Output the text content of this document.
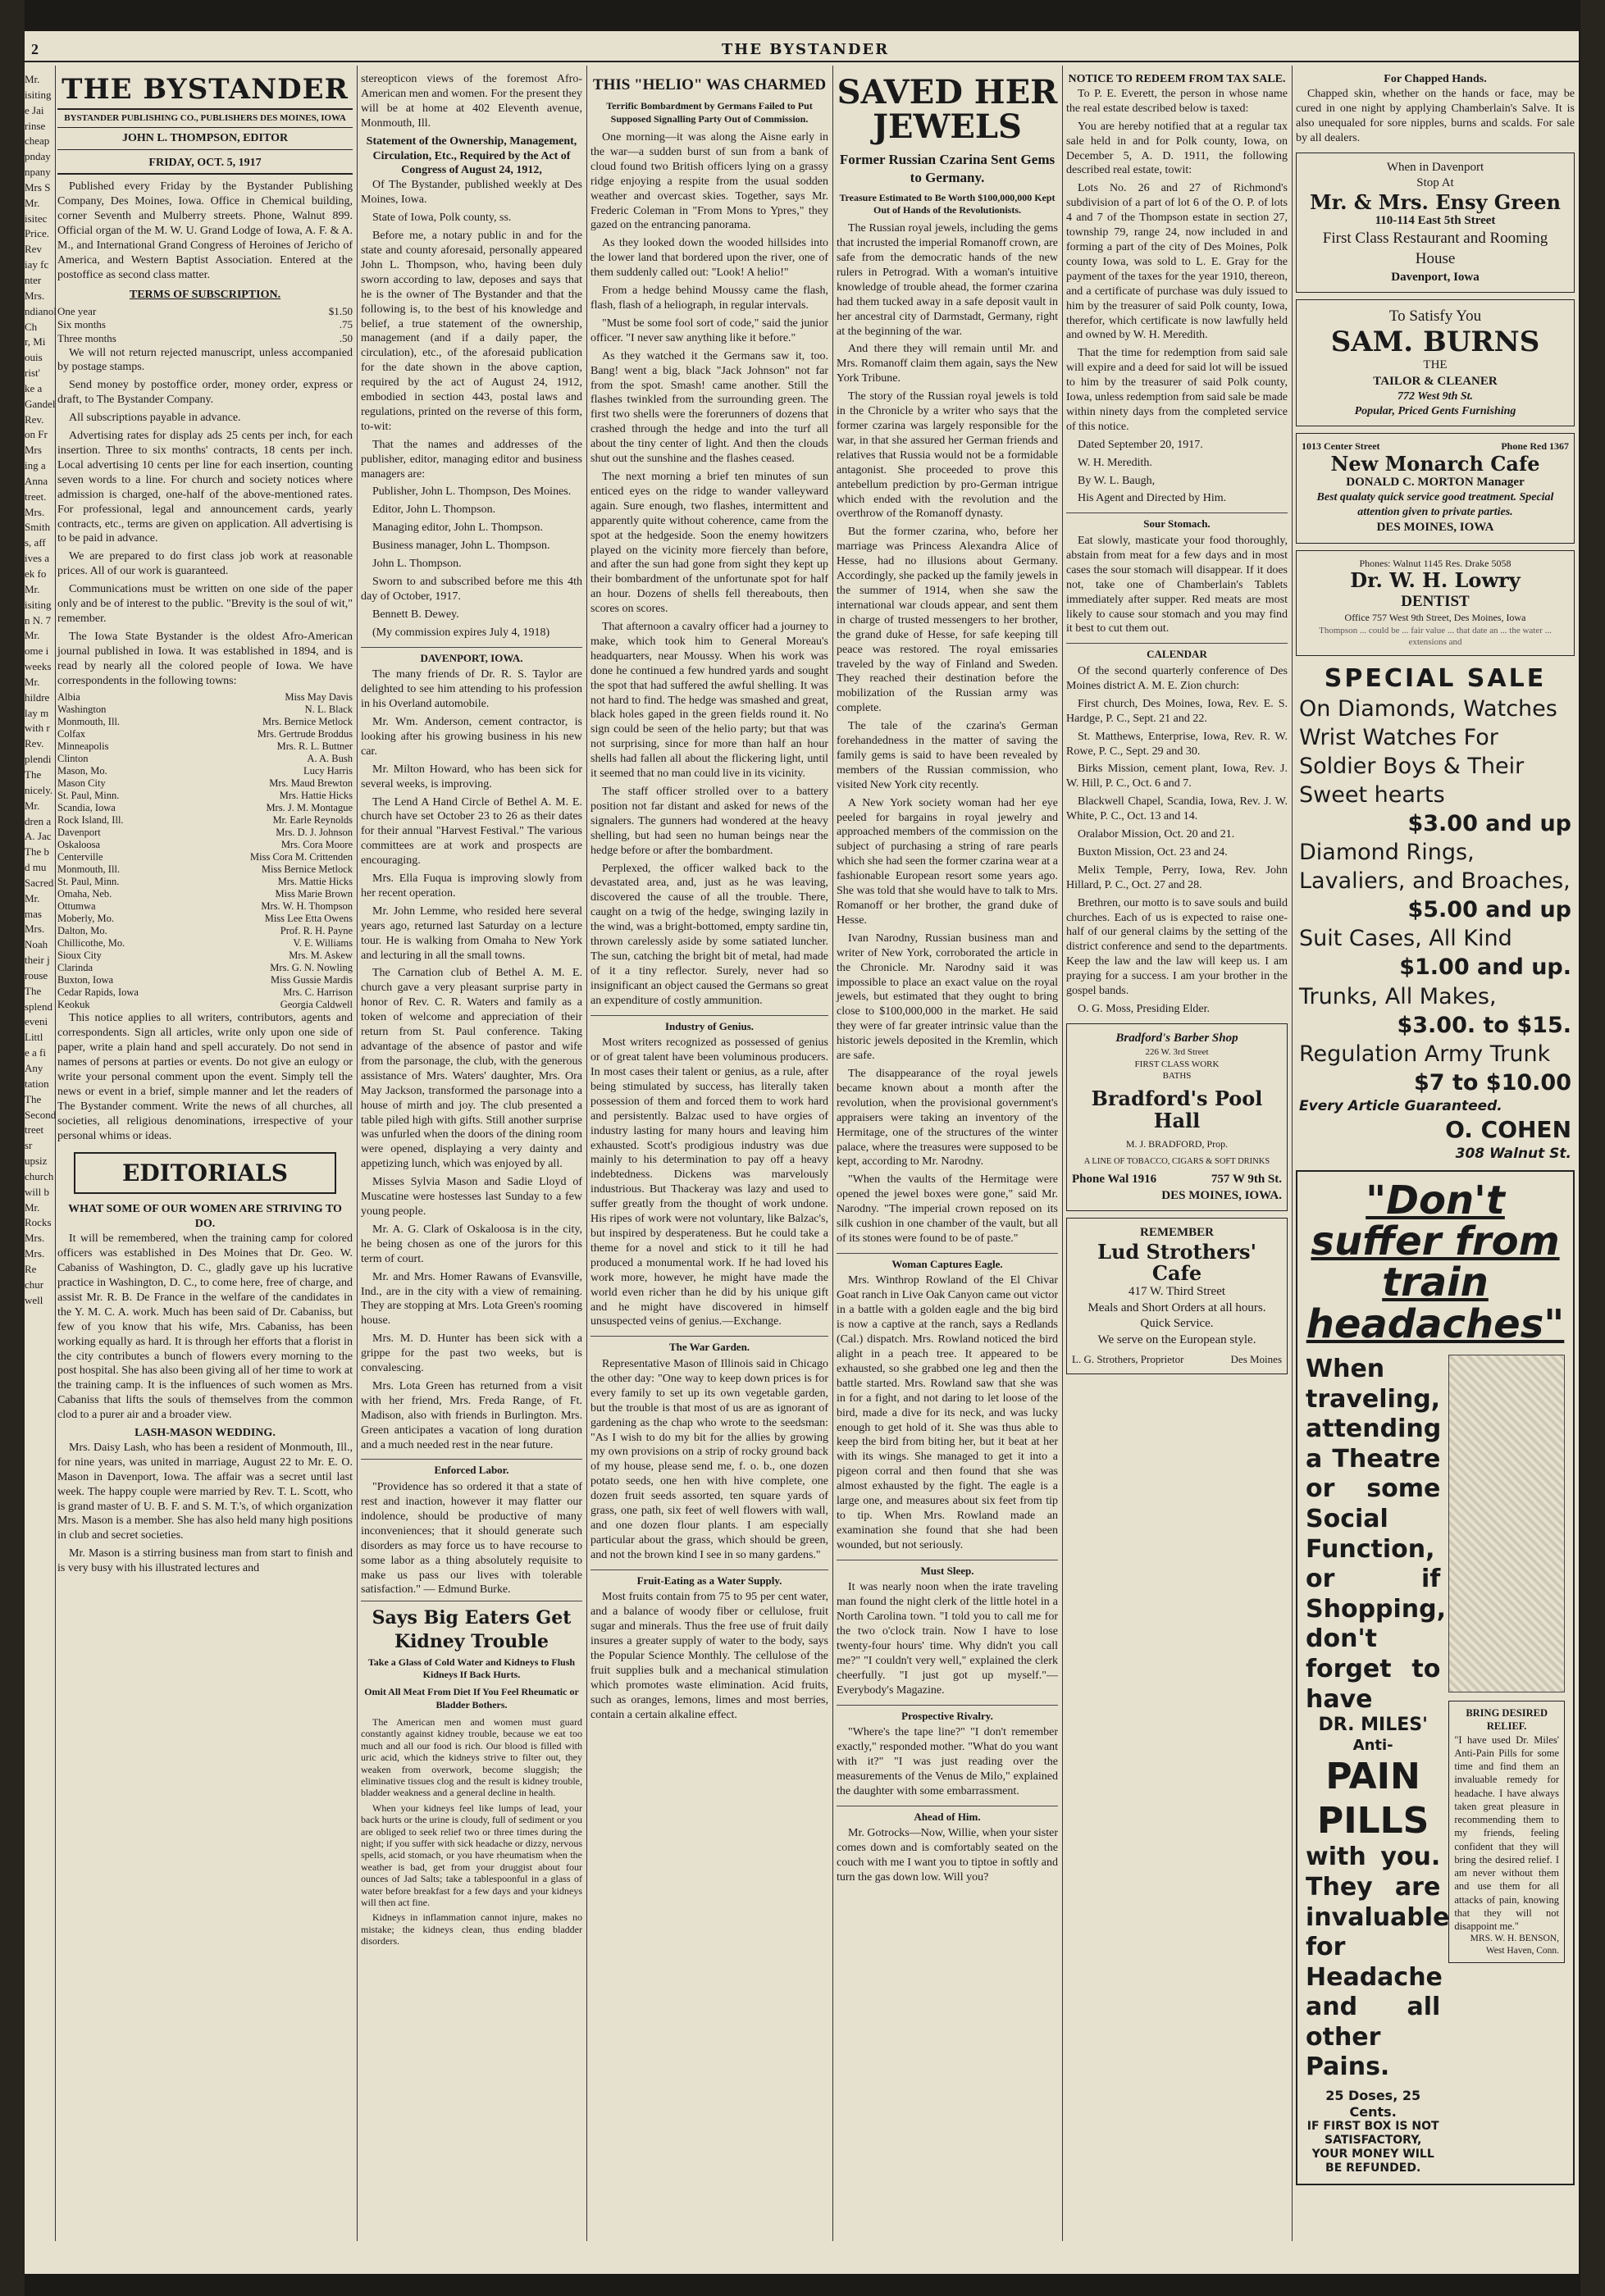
2	THE BYSTANDER
Mr.
isiting
e Jai
rinse
cheap
pnday
npany
Mrs S
Mr.
isitec
Price.
Rev
iay fc
nter
Mrs.
ndianol
Ch
r, Mi
ouis
rist'
ke a
Gandel
Rev.
on Fr
Mrs
ing a
Anna
treet.
Mrs.
Smith
s, aff
ives a
ek fo
Mr.
isiting
n N. 7
Mr.
ome i
weeks
Mr.
hildre
lay m
with r
Rev.
plendi
The
nicely.
Mr.
dren a
A. Jac
The b
d mu
Sacred
Mr.
mas
Mrs.
Noah
their j
rouse
The
splend
eveni
Littl
e a fi
Any
tation
The
Second
treet
sr
upsiz
church
will b
Mr.
Rocks
Mrs.
Mrs.
Re
chur
well
THE BYSTANDER
BYSTANDER PUBLISHING CO., PUBLISHERS DES MOINES, IOWA
JOHN L. THOMPSON, EDITOR
FRIDAY, OCT. 5, 1917

Published every Friday by the Bystander Publishing Company, Des Moines, Iowa. Office in Chemical building, corner Seventh and Mulberry streets. Phone, Walnut 899. Official organ of the M. W. U. Grand Lodge of Iowa, A. F. & A. M., and International Grand Congress of Heroines of Jericho of America, and Western Baptist Association. Entered at the postoffice as second class matter.

TERMS OF SUBSCRIPTION.
One year	$1.50
Six months	.75
Three months	.50

We will not return rejected manuscript, unless accompanied by postage stamps.

Send money by postoffice order, money order, express or draft, to The Bystander Company.

All subscriptions payable in advance.

Advertising rates for display ads 25 cents per inch, for each insertion. Three to six months' contracts, 18 cents per inch. Local advertising 10 cents per line for each insertion, counting seven words to a line. For church and society notices where admission is charged, one-half of the above-mentioned rates. For professional, legal and announcement cards, yearly contracts, etc., terms are given on application. All advertising is to be paid in advance.

We are prepared to do first class job work at reasonable prices. All of our work is guaranteed.

Communications must be written on one side of the paper only and be of interest to the public. "Brevity is the soul of wit," remember.

The Iowa State Bystander is the oldest Afro-American journal published in Iowa. It was established in 1894, and is read by nearly all the colored people of Iowa. We have correspondents in the following towns:

Albia	Miss May Davis
Washington	N. L. Black
Monmouth, Ill.	Mrs. Bernice Metlock
Colfax	Mrs. Gertrude Broddus
Minneapolis	Mrs. R. L. Buttner
Clinton	A. A. Bush
Mason, Mo.	Lucy Harris
Mason City	Mrs. Maud Brewton
St. Paul, Minn.	Mrs. Hattie Hicks
Scandia, Iowa	Mrs. J. M. Montague
Rock Island, Ill.	Mr. Earle Reynolds
Davenport	Mrs. D. J. Johnson
Oskaloosa	Mrs. Cora Moore
Centerville	Miss Cora M. Crittenden
Monmouth, Ill.	Miss Bernice Metlock
St. Paul, Minn.	Mrs. Mattie Hicks
Omaha, Neb.	Miss Marie Brown
Ottumwa	Mrs. W. H. Thompson
Moberly, Mo.	Miss Lee Etta Owens
Dalton, Mo.	Prof. R. H. Payne
Chillicothe, Mo.	V. E. Williams
Sioux City	Mrs. M. Askew
Clarinda	Mrs. G. N. Nowling
Buxton, Iowa	Miss Gussie Mardis
Cedar Rapids, Iowa	Mrs. C. Harrison
Keokuk	Georgia Caldwell

This notice applies to all writers, contributors, agents and correspondents. Sign all articles, write only upon one side of paper, write a plain hand and spell accurately. Do not send in names of persons at parties or events. Do not give an eulogy or write your personal comment upon the event. Simply tell the news or event in a brief, simple manner and let the readers of The Bystander comment. Write the news of all churches, all societies, all religious denominations, irrespective of your personal whims or ideas.

EDITORIALS
WHAT SOME OF OUR WOMEN ARE STRIVING TO DO.

It will be remembered, when the training camp for colored officers was established in Des Moines that Dr. Geo. W. Cabaniss of Washington, D. C., gladly gave up his lucrative practice in Washington, D. C., to come here, free of charge, and assist Mr. R. B. De France in the welfare of the candidates in the Y. M. C. A. work. Much has been said of Dr. Cabaniss, but few of you know that his wife, Mrs. Cabaniss, has been working equally as hard. It is through her efforts that a florist in the city contributes a bunch of flowers every morning to the post hospital. She has also been giving all of her time to work at the training camp. It is the influences of such women as Mrs. Cabaniss that lifts the souls of themselves from the common clod to a purer air and a broader view.

LASH-MASON WEDDING.

Mrs. Daisy Lash, who has been a resident of Monmouth, Ill., for nine years, was united in marriage, August 22 to Mr. E. O. Mason in Davenport, Iowa. The affair was a secret until last week. The happy couple were married by Rev. T. L. Scott, who is grand master of U. B. F. and S. M. T.'s, of which organization Mrs. Mason is a member. She has also held many high positions in club and secret societies.

Mr. Mason is a stirring business man from start to finish and is very busy with his illustrated lectures and

stereopticon views of the foremost Afro-American men and women. For the present they will be at home at 402 Eleventh avenue, Monmouth, Ill.

Statement of the Ownership, Management, Circulation, Etc., Required by the Act of Congress of August 24, 1912,

Of The Bystander, published weekly at Des Moines, Iowa.

State of Iowa, Polk county, ss.

Before me, a notary public in and for the state and county aforesaid, personally appeared John L. Thompson, who, having been duly sworn according to law, deposes and says that he is the owner of The Bystander and that the following is, to the best of his knowledge and belief, a true statement of the ownership, management (and if a daily paper, the circulation), etc., of the aforesaid publication for the date shown in the above caption, required by the act of August 24, 1912, embodied in section 443, postal laws and regulations, printed on the reverse of this form, to-wit:

That the names and addresses of the publisher, editor, managing editor and business managers are:

Publisher, John L. Thompson, Des Moines.

Editor, John L. Thompson.

Managing editor, John L. Thompson.

Business manager, John L. Thompson.

John L. Thompson.

Sworn to and subscribed before me this 4th day of October, 1917.

Bennett B. Dewey.

(My commission expires July 4, 1918)

DAVENPORT, IOWA.

The many friends of Dr. R. S. Taylor are delighted to see him attending to his profession in his Overland automobile.

Mr. Wm. Anderson, cement contractor, is looking after his growing business in his new car.

Mr. Milton Howard, who has been sick for several weeks, is improving.

The Lend A Hand Circle of Bethel A. M. E. church have set October 23 to 26 as their dates for their annual "Harvest Festival." The various committees are at work and prospects are encouraging.

Mrs. Ella Fuqua is improving slowly from her recent operation.

Mr. John Lemme, who resided here several years ago, returned last Saturday on a lecture tour. He is walking from Omaha to New York and lecturing in all the small towns.

The Carnation club of Bethel A. M. E. church gave a very pleasant surprise party in honor of Rev. C. R. Waters and family as a token of welcome and appreciation of their return from St. Paul conference. Taking advantage of the absence of pastor and wife from the parsonage, the club, with the generous assistance of Mrs. Waters' daughter, Mrs. Ora May Jackson, transformed the parsonage into a house of mirth and joy. The club presented a table piled high with gifts. Still another surprise was unfurled when the doors of the dining room were opened, displaying a very dainty and appetizing lunch, which was enjoyed by all.

Misses Sylvia Mason and Sadie Lloyd of Muscatine were hostesses last Sunday to a few young people.

Mr. A. G. Clark of Oskaloosa is in the city, he being chosen as one of the jurors for this term of court.

Mr. and Mrs. Homer Rawans of Evansville, Ind., are in the city with a view of remaining. They are stopping at Mrs. Lota Green's rooming house.

Mrs. M. D. Hunter has been sick with a grippe for the past two weeks, but is convalescing.

Mrs. Lota Green has returned from a visit with her friend, Mrs. Freda Range, of Ft. Madison, also with friends in Burlington. Mrs. Green anticipates a vacation of long duration and a much needed rest in the near future.

Enforced Labor.

"Providence has so ordered it that a state of rest and inaction, however it may flatter our indolence, should be productive of many inconveniences; that it should generate such disorders as may force us to have recourse to some labor as a thing absolutely requisite to make us pass our lives with tolerable satisfaction." — Edmund Burke.

Says Big Eaters Get Kidney Trouble
Take a Glass of Cold Water and Kidneys to Flush Kidneys If Back Hurts.
Omit All Meat From Diet If You Feel Rheumatic or Bladder Bothers.

The American men and women must guard constantly against kidney trouble, because we eat too much and all our food is rich. Our blood is filled with uric acid, which the kidneys strive to filter out, they weaken from overwork, become sluggish; the eliminative tissues clog and the result is kidney trouble, bladder weakness and a general decline in health.

When your kidneys feel like lumps of lead, your back hurts or the urine is cloudy, full of sediment or you are obliged to seek relief two or three times during the night; if you suffer with sick headache or dizzy, nervous spells, acid stomach, or you have rheumatism when the weather is bad, get from your druggist about four ounces of Jad Salts; take a tablespoonful in a glass of water before breakfast for a few days and your kidneys will then act fine.

Kidneys in inflammation cannot injure, makes no mistake; the kidneys clean, thus ending bladder disorders.

THIS "HELIO" WAS CHARMED
Terrific Bombardment by Germans Failed to Put Supposed Signalling Party Out of Commission.

One morning—it was along the Aisne early in the war—a sudden burst of sun from a bank of cloud found two British officers lying on a grassy ridge enjoying a respite from the usual sodden weather and overcast skies. Together, says Mr. Frederic Coleman in "From Mons to Ypres," they gazed on the entrancing panorama.

As they looked down the wooded hillsides into the lower land that bordered upon the river, one of them suddenly called out: "Look! A helio!"

From a hedge behind Moussy came the flash, flash, flash of a heliograph, in regular intervals.

"Must be some fool sort of code," said the junior officer. "I never saw anything like it before."

As they watched it the Germans saw it, too. Bang! went a big, black "Jack Johnson" not far from the spot. Smash! came another. Still the flashes twinkled from the surrounding green. The first two shells were the forerunners of dozens that crashed through the hedge and into the turf all about the tiny center of light. And then the clouds shut out the sunshine and the flashes ceased.

The next morning a brief ten minutes of sun enticed eyes on the ridge to wander valleyward again. Sure enough, two flashes, intermittent and apparently quite without coherence, came from the spot at the hedgeside. Soon the enemy howitzers played on the vicinity more fiercely than before, and after the sun had gone from sight they kept up their bombardment of the unfortunate spot for half an hour. Dozens of shells fell thereabouts, then scores on scores.

That afternoon a cavalry officer had a journey to make, which took him to General Moreau's headquarters, near Moussy. When his work was done he continued a few hundred yards and sought the spot that had suffered the awful shelling. It was not hard to find. The hedge was smashed and great, black holes gaped in the green fields round it. No sign could be seen of the helio party; but that was not surprising, since for more than half an hour shells had fallen all about the flickering light, until it seemed that no man could live in its vicinity.

The staff officer strolled over to a battery position not far distant and asked for news of the signalers. The gunners had wondered at the heavy shelling, but had seen no human beings near the hedge before or after the bombardment.

Perplexed, the officer walked back to the devastated area, and, just as he was leaving, discovered the cause of all the trouble. There, caught on a twig of the hedge, swinging lazily in the wind, was a bright-bottomed, empty sardine tin, thrown carelessly aside by some satiated luncher. The sun, catching the bright bit of metal, had made of it a tiny reflector. Surely, never had so insignificant an object caused the Germans so great an expenditure of costly ammunition.

Industry of Genius.

Most writers recognized as possessed of genius or of great talent have been voluminous producers. In most cases their talent or genius, as a rule, after being stimulated by success, has literally taken possession of them and forced them to work hard and persistently. Balzac used to have orgies of industry lasting for many hours and leaving him exhausted. Scott's prodigious industry was due mainly to his determination to pay off a heavy indebtedness. Dickens was marvelously industrious. But Thackeray was lazy and used to suffer greatly from the thought of work undone. His ripes of work were not voluntary, like Balzac's, but inspired by desperateness. But he could take a theme for a novel and stick to it till he had produced a monumental work. If he had loved his work more, however, he might have made the world even richer than he did by his unique gift and he might have discovered in himself unsuspected veins of genius.—Exchange.

The War Garden.

Representative Mason of Illinois said in Chicago the other day: "One way to keep down prices is for every family to set up its own vegetable garden, but the trouble is that most of us are as ignorant of gardening as the chap who wrote to the seedsman: "As I wish to do my bit for the allies by growing my own provisions on a strip of rocky ground back of my house, please send me, f. o. b., one dozen potato seeds, one hen with hive complete, one dozen fruit seeds assorted, ten square yards of grass, one path, six feet of well flowers with wall, and one dozen flour plants. I am especially particular about the grass, which should be green, and not the brown kind I see in so many gardens."

Fruit-Eating as a Water Supply.

Most fruits contain from 75 to 95 per cent water, and a balance of woody fiber or cellulose, fruit sugar and minerals. Thus the free use of fruit daily insures a greater supply of water to the body, says the Popular Science Monthly. The cellulose of the fruit supplies bulk and a mechanical stimulation which promotes waste elimination. Acid fruits, such as oranges, lemons, limes and most berries, contain a certain alkaline effect.

SAVED HER JEWELS
Former Russian Czarina Sent Gems to Germany.
Treasure Estimated to Be Worth $100,000,000 Kept Out of Hands of the Revolutionists.

The Russian royal jewels, including the gems that incrusted the imperial Romanoff crown, are safe from the democratic hands of the new rulers in Petrograd. With a woman's intuitive knowledge of trouble ahead, the former czarina had them tucked away in a safe deposit vault in her ancestral city of Darmstadt, Germany, right at the beginning of the war.

And there they will remain until Mr. and Mrs. Romanoff claim them again, says the New York Tribune.

The story of the Russian royal jewels is told in the Chronicle by a writer who says that the former czarina was largely responsible for the war, in that she assured her German friends and relatives that Russia would not be a formidable antagonist. She proceeded to prove this antebellum prediction by pro-German intrigue which ended with the revolution and the overthrow of the Romanoff dynasty.

But the former czarina, who, before her marriage was Princess Alexandra Alice of Hesse, had no illusions about Germany. Accordingly, she packed up the family jewels in the summer of 1914, when she saw the international war clouds appear, and sent them in charge of trusted messengers to her brother, the grand duke of Hesse, for safe keeping till peace was restored. The royal emissaries traveled by the way of Finland and Sweden. They reached their destination before the mobilization of the Russian army was complete.

The tale of the czarina's German forehandedness in the matter of saving the family gems is said to have been revealed by members of the Russian commission, who visited New York city recently.

A New York society woman had her eye peeled for bargains in royal jewelry and approached members of the commission on the subject of purchasing a string of rare pearls which she had seen the former czarina wear at a fashionable European resort some years ago. She was told that she would have to talk to Mrs. Romanoff or her brother, the grand duke of Hesse.

Ivan Narodny, Russian business man and writer of New York, corroborated the article in the Chronicle. Mr. Narodny said it was impossible to place an exact value on the royal jewels, but estimated that they ought to bring close to $100,000,000 in the market. He said they were of far greater intrinsic value than the historic jewels deposited in the Kremlin, which are safe.

The disappearance of the royal jewels became known about a month after the revolution, when the provisional government's appraisers were taking an inventory of the Hermitage, one of the structures of the winter palace, where the treasures were supposed to be kept, according to Mr. Narodny.

"When the vaults of the Hermitage were opened the jewel boxes were gone," said Mr. Narodny. "The imperial crown reposed on its silk cushion in one chamber of the vault, but all of its stones were found to be of paste."

Woman Captures Eagle.

Mrs. Winthrop Rowland of the El Chivar Goat ranch in Live Oak Canyon came out victor in a battle with a golden eagle and the big bird is now a captive at the ranch, says a Redlands (Cal.) dispatch. Mrs. Rowland noticed the bird alight in a peach tree. It appeared to be exhausted, so she grabbed one leg and then the battle started. Mrs. Rowland saw that she was in for a fight, and not daring to let loose of the bird, made a dive for its neck, and was lucky enough to get hold of it. She was thus able to keep the bird from biting her, but it beat at her with its wings. She managed to get it into a pigeon corral and then found that she was almost exhausted by the fight. The eagle is a large one, and measures about six feet from tip to tip. When Mrs. Rowland made an examination she found that she had been wounded, but not seriously.

Must Sleep.

It was nearly noon when the irate traveling man found the night clerk of the little hotel in a North Carolina town. "I told you to call me for the two o'clock train. Now I have to lose twenty-four hours' time. Why didn't you call me?" "I couldn't very well," explained the clerk cheerfully. "I just got up myself."—Everybody's Magazine.

Prospective Rivalry.

"Where's the tape line?" "I don't remember exactly," responded mother. "What do you want with it?" "I was just reading over the measurements of the Venus de Milo," explained the daughter with some embarrassment.

Ahead of Him.

Mr. Gotrocks—Now, Willie, when your sister comes down and is comfortably seated on the couch with me I want you to tiptoe in softly and turn the gas down low. Will you?

NOTICE TO REDEEM FROM TAX SALE.

To P. E. Everett, the person in whose name the real estate described below is taxed:

You are hereby notified that at a regular tax sale held in and for Polk county, Iowa, on December 5, A. D. 1911, the following described real estate, towit:

Lots No. 26 and 27 of Richmond's subdivision of a part of lot 6 of the O. P. of lots 4 and 7 of the Thompson estate in section 27, township 79, range 24, now included in and forming a part of the city of Des Moines, Polk county Iowa, was sold to L. E. Gray for the payment of the taxes for the year 1910, thereon, and a certificate of purchase was duly issued to him by the treasurer of said Polk county, Iowa, therefor, which certificate is now lawfully held and owned by W. H. Meredith.

That the time for redemption from said sale will expire and a deed for said lot will be issued to him by the treasurer of said Polk county, Iowa, unless redemption from said sale be made within ninety days from the completed service of this notice.

Dated September 20, 1917.

W. H. Meredith.

By W. L. Baugh,

His Agent and Directed by Him.

Sour Stomach.

Eat slowly, masticate your food thoroughly, abstain from meat for a few days and in most cases the sour stomach will disappear. If it does not, take one of Chamberlain's Tablets immediately after supper. Red meats are most likely to cause sour stomach and you may find it best to cut them out.

CALENDAR

Of the second quarterly conference of Des Moines district A. M. E. Zion church:

First church, Des Moines, Iowa, Rev. E. S. Hardge, P. C., Sept. 21 and 22.

St. Matthews, Enterprise, Iowa, Rev. R. W. Rowe, P. C., Sept. 29 and 30.

Birks Mission, cement plant, Iowa, Rev. J. W. Hill, P. C., Oct. 6 and 7.

Blackwell Chapel, Scandia, Iowa, Rev. J. W. White, P. C., Oct. 13 and 14.

Oralabor Mission, Oct. 20 and 21.

Buxton Mission, Oct. 23 and 24.

Melix Temple, Perry, Iowa, Rev. John Hillard, P. C., Oct. 27 and 28.

Brethren, our motto is to save souls and build churches. Each of us is expected to raise one-half of our general claims by the setting of the district conference and send to the departments. Keep the law and the law will keep us. I am praying for a success. I am your brother in the gospel bands.

O. G. Moss, Presiding Elder.

Bradford's Barber Shop
226 W. 3rd Street
FIRST CLASS WORK
BATHS
Bradford's Pool Hall
M. J. BRADFORD, Prop.
A LINE OF TOBACCO, CIGARS & SOFT DRINKS
Phone Wal 1916	757 W 9th St.
DES MOINES, IOWA.
REMEMBER
Lud Strothers' Cafe
417 W. Third Street
Meals and Short Orders at all hours. Quick Service.
We serve on the European style.
L. G. Strothers, Proprietor	Des Moines
For Chapped Hands.

Chapped skin, whether on the hands or face, may be cured in one night by applying Chamberlain's Salve. It is also unequaled for sore nipples, burns and scalds. For sale by all dealers.

When in Davenport
Stop At
Mr. & Mrs. Ensy Green
110-114 East 5th Street
First Class Restaurant and Rooming House
Davenport, Iowa
To Satisfy You
SAM. BURNS
THE
TAILOR & CLEANER
772 West 9th St.
Popular, Priced Gents Furnishing
1013 Center Street	Phone Red 1367
New Monarch Cafe
DONALD C. MORTON Manager
Best qualaty quick service good treatment. Special attention given to private parties.
DES MOINES, IOWA
Phones: Walnut 1145 Res. Drake 5058
Dr. W. H. Lowry
DENTIST
Office 757 West 9th Street, Des Moines, Iowa
Thompson ... could be ... fair value ... that date an ... the water ... extensions and
SPECIAL SALE
On Diamonds, Watches Wrist Watches For Soldier Boys & Their Sweet hearts
$3.00 and up
Diamond Rings, Lavaliers, and Broaches,
$5.00 and up
Suit Cases, All Kind
$1.00 and up.
Trunks, All Makes,
$3.00. to $15.
Regulation Army Trunk
$7 to $10.00
Every Article Guaranteed.
O. COHEN
308 Walnut St.
"Don't suffer from train headaches"
When traveling, attending a Theatre or some Social Function, or if Shopping, don't forget to have
DR. MILES'
Anti-
PAIN PILLS
with you. They are invaluable for Headache and all other Pains.
25 Doses, 25 Cents.
IF FIRST BOX IS NOT SATISFACTORY, YOUR MONEY WILL BE REFUNDED.
BRING DESIRED RELIEF.
"I have used Dr. Miles' Anti-Pain Pills for some time and find them an invaluable remedy for headache. I have always taken great pleasure in recommending them to my friends, feeling confident that they will bring the desired relief. I am never without them and use them for all attacks of pain, knowing that they will not disappoint me."
MRS. W. H. BENSON, West Haven, Conn.
